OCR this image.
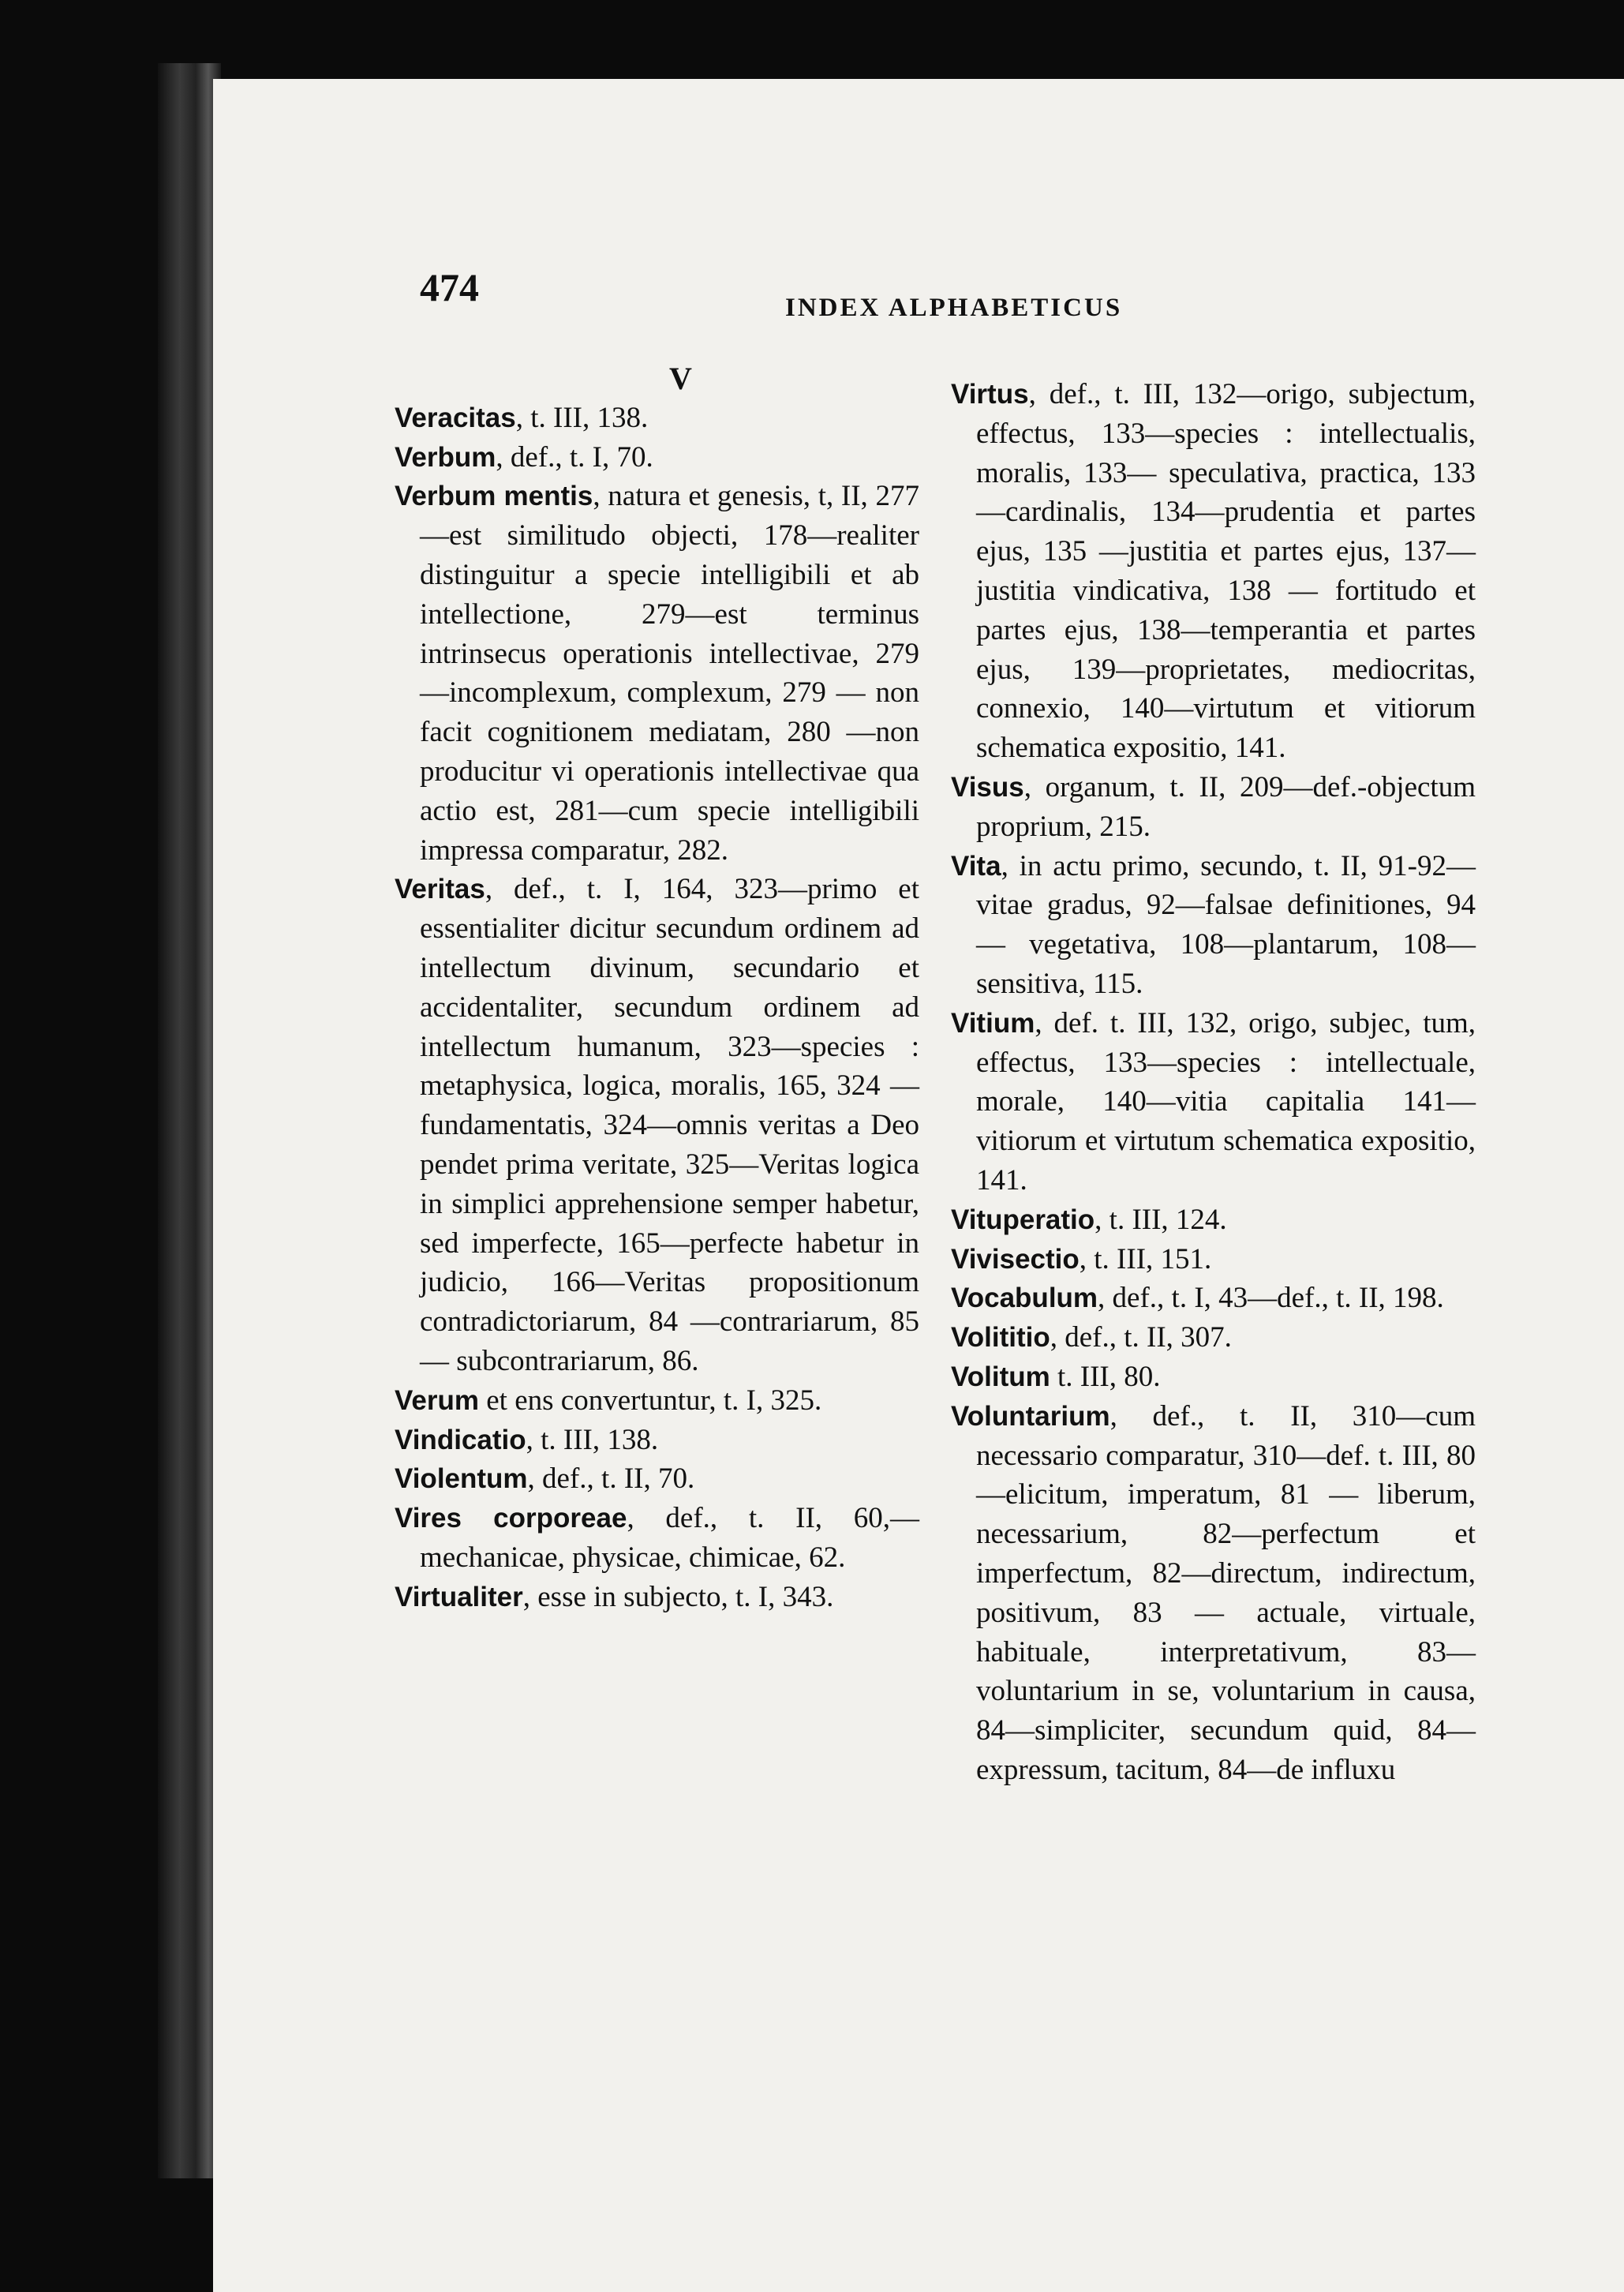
474	INDEX ALPHABETICUS
V

Veracitas, t. III, 138.

Verbum, def., t. I, 70.

Verbum mentis, natura et genesis, t, II, 277—est similitudo objecti, 178—realiter distinguitur a specie intelligibili et ab intellectione, 279—est terminus intrinsecus operationis intellectivae, 279—incomplexum, complexum, 279 — non facit cognitionem mediatam, 280 —non producitur vi operationis intellectivae qua actio est, 281—cum specie intelligibili impressa comparatur, 282.

Veritas, def., t. I, 164, 323—primo et essentialiter dicitur secundum ordinem ad intellectum divinum, secundario et accidentaliter, secundum ordinem ad intellectum humanum, 323—species : metaphysica, logica, moralis, 165, 324 —fundamentatis, 324—omnis veritas a Deo pendet prima veritate, 325—Veritas logica in simplici apprehensione semper habetur, sed imperfecte, 165—perfecte habetur in judicio, 166—Veritas propositionum contradictoriarum, 84 —contrariarum, 85 — subcontrariarum, 86.

Verum et ens convertuntur, t. I, 325.

Vindicatio, t. III, 138.

Violentum, def., t. II, 70.

Vires corporeae, def., t. II, 60,—mechanicae, physicae, chimicae, 62.

Virtualiter, esse in subjecto, t. I, 343.

Virtus, def., t. III, 132—origo, subjectum, effectus, 133—species : intellectualis, moralis, 133— speculativa, practica, 133—cardinalis, 134—prudentia et partes ejus, 135 —justitia et partes ejus, 137—justitia vindicativa, 138 — fortitudo et partes ejus, 138—temperantia et partes ejus, 139—proprietates, mediocritas, connexio, 140—virtutum et vitiorum schematica expositio, 141.

Visus, organum, t. II, 209—def.-objectum proprium, 215.

Vita, in actu primo, secundo, t. II, 91-92—vitae gradus, 92—falsae definitiones, 94 — vegetativa, 108—plantarum, 108—sensitiva, 115.

Vitium, def. t. III, 132, origo, subjec, tum, effectus, 133—species : intellectuale, morale, 140—vitia capitalia 141—vitiorum et virtutum schematica expositio, 141.

Vituperatio, t. III, 124.

Vivisectio, t. III, 151.

Vocabulum, def., t. I, 43—def., t. II, 198.

Volititio, def., t. II, 307.

Volitum t. III, 80.

Voluntarium, def., t. II, 310—cum necessario comparatur, 310—def. t. III, 80—elicitum, imperatum, 81 — liberum, necessarium, 82—perfectum et imperfectum, 82—directum, indirectum, positivum, 83 — actuale, virtuale, habituale, interpretativum, 83—voluntarium in se, voluntarium in causa, 84—simpliciter, secundum quid, 84—expressum, tacitum, 84—de influxu
